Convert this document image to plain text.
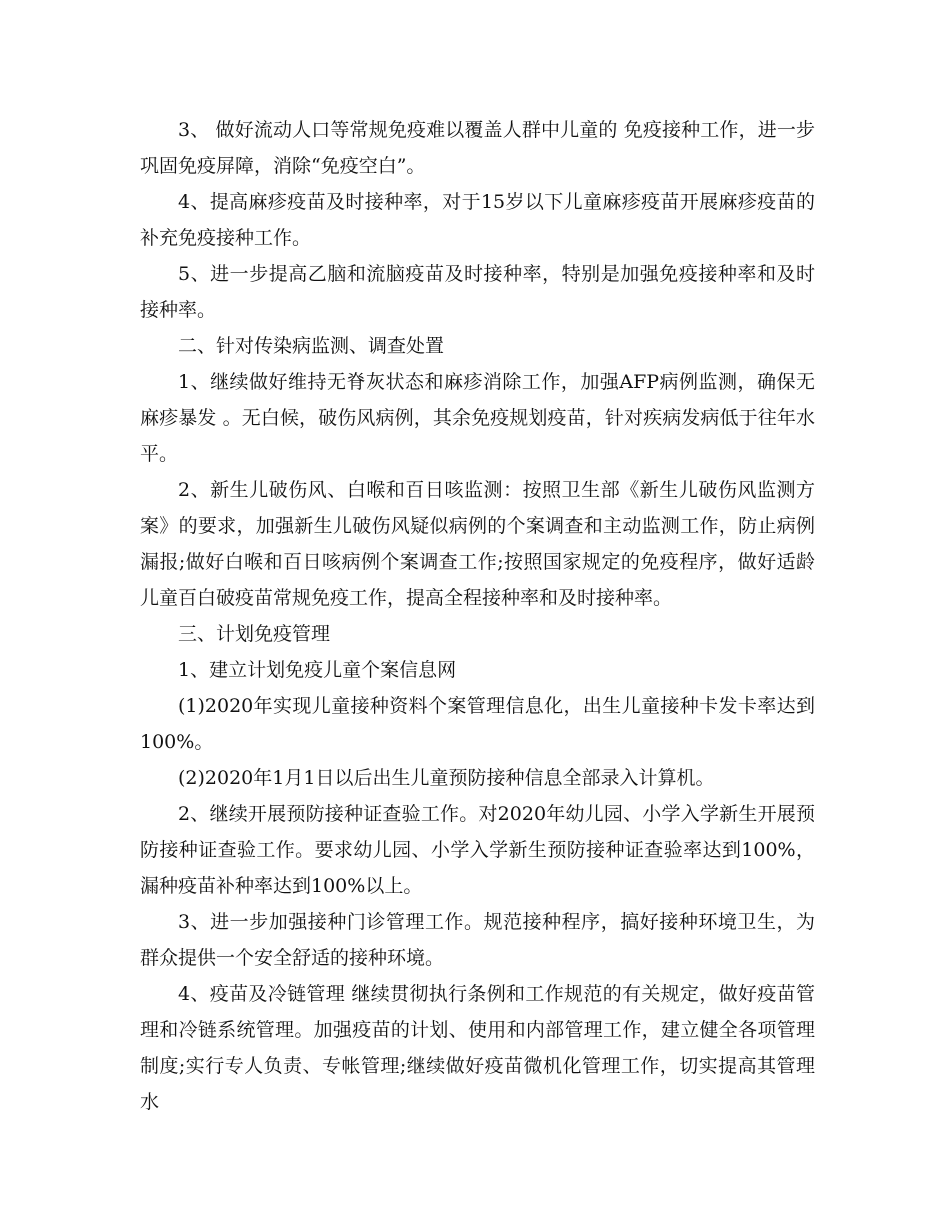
3、 做好流动人口等常规免疫难以覆盖人群中儿童的 免疫接种工作，进一步巩固免疫屏障，消除“免疫空白”。

4、提高麻疹疫苗及时接种率，对于15岁以下儿童麻疹疫苗开展麻疹疫苗的补充免疫接种工作。

5、进一步提高乙脑和流脑疫苗及时接种率，特别是加强免疫接种率和及时接种率。

二、针对传染病监测、调查处置

1、继续做好维持无脊灰状态和麻疹消除工作，加强AFP病例监测，确保无麻疹暴发 。无白候，破伤风病例，其余免疫规划疫苗，针对疾病发病低于往年水平。

2、新生儿破伤风、白喉和百日咳监测：按照卫生部《新生儿破伤风监测方案》的要求，加强新生儿破伤风疑似病例的个案调查和主动监测工作，防止病例漏报;做好白喉和百日咳病例个案调查工作;按照国家规定的免疫程序，做好适龄儿童百白破疫苗常规免疫工作，提高全程接种率和及时接种率。

三、计划免疫管理

1、建立计划免疫儿童个案信息网

(1)2020年实现儿童接种资料个案管理信息化，出生儿童接种卡发卡率达到100%。

(2)2020年1月1日以后出生儿童预防接种信息全部录入计算机。

2、继续开展预防接种证查验工作。对2020年幼儿园、小学入学新生开展预防接种证查验工作。要求幼儿园、小学入学新生预防接种证查验率达到100%，漏种疫苗补种率达到100%以上。

3、进一步加强接种门诊管理工作。规范接种程序，搞好接种环境卫生，为群众提供一个安全舒适的接种环境。

4、疫苗及冷链管理 继续贯彻执行条例和工作规范的有关规定，做好疫苗管理和冷链系统管理。加强疫苗的计划、使用和内部管理工作，建立健全各项管理制度;实行专人负责、专帐管理;继续做好疫苗微机化管理工作，切实提高其管理水
